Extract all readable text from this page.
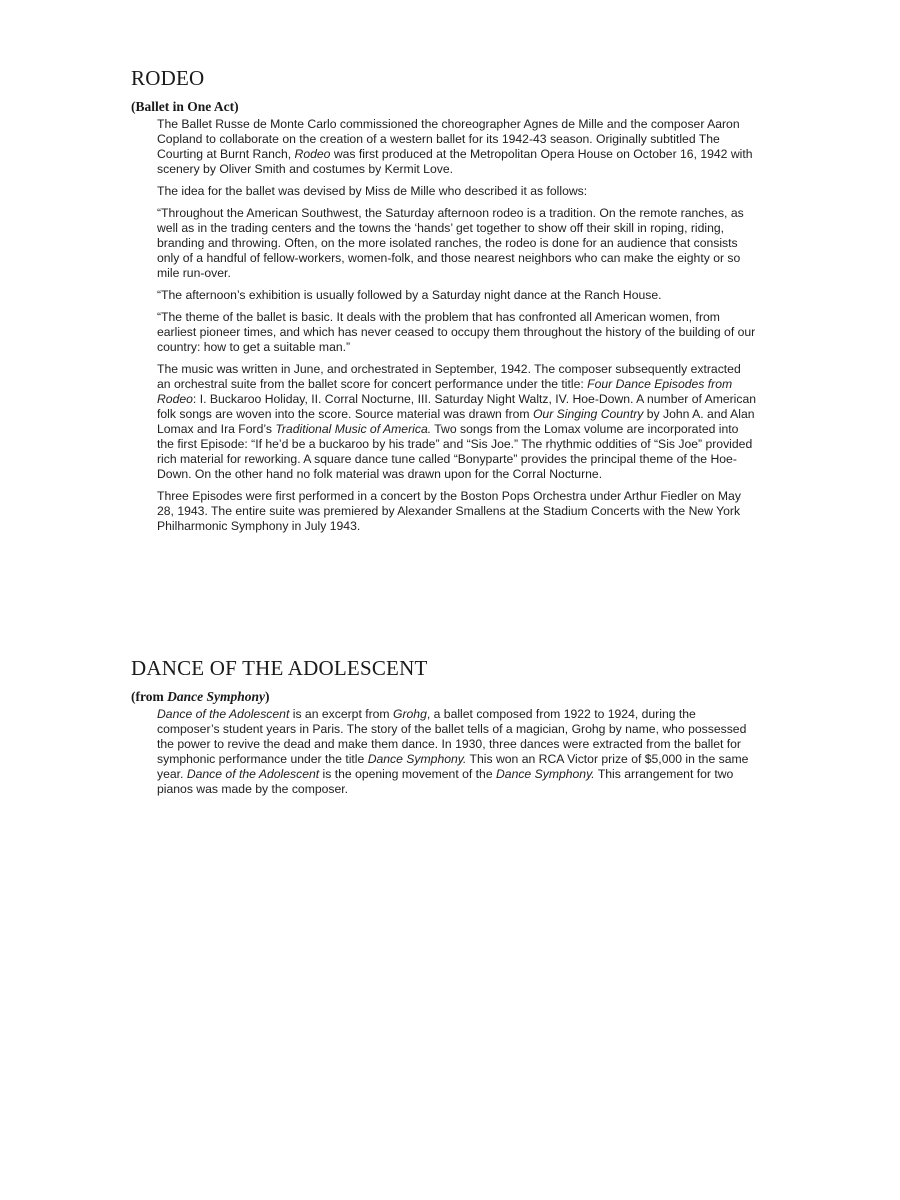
RODEO
(Ballet in One Act)

The Ballet Russe de Monte Carlo commissioned the choreographer Agnes de Mille and the composer Aaron Copland to collaborate on the creation of a western ballet for its 1942-43 season. Originally subtitled The Courting at Burnt Ranch, Rodeo was first produced at the Metropolitan Opera House on October 16, 1942 with scenery by Oliver Smith and costumes by Kermit Love.

The idea for the ballet was devised by Miss de Mille who described it as follows:

“Throughout the American Southwest, the Saturday afternoon rodeo is a tradition. On the remote ranches, as well as in the trading centers and the towns the ‘hands’ get together to show off their skill in roping, riding, branding and throwing. Often, on the more isolated ranches, the rodeo is done for an audience that consists only of a handful of fellow-workers, women-folk, and those nearest neighbors who can make the eighty or so mile run-over.

“The afternoon’s exhibition is usually followed by a Saturday night dance at the Ranch House.

“The theme of the ballet is basic. It deals with the problem that has confronted all American women, from earliest pioneer times, and which has never ceased to occupy them throughout the history of the building of our country: how to get a suitable man.”

The music was written in June, and orchestrated in September, 1942. The composer subsequently extracted an orchestral suite from the ballet score for concert performance under the title: Four Dance Episodes from Rodeo: I. Buckaroo Holiday, II. Corral Nocturne, III. Saturday Night Waltz, IV. Hoe-Down. A number of American folk songs are woven into the score. Source material was drawn from Our Singing Country by John A. and Alan Lomax and Ira Ford’s Traditional Music of America. Two songs from the Lomax volume are incorporated into the first Episode: “If he’d be a buckaroo by his trade” and “Sis Joe.” The rhythmic oddities of “Sis Joe” provided rich material for reworking. A square dance tune called “Bonyparte” provides the principal theme of the Hoe-Down. On the other hand no folk material was drawn upon for the Corral Nocturne.

Three Episodes were first performed in a concert by the Boston Pops Orchestra under Arthur Fiedler on May 28, 1943. The entire suite was premiered by Alexander Smallens at the Stadium Concerts with the New York Philharmonic Symphony in July 1943.

DANCE OF THE ADOLESCENT
(from Dance Symphony)

Dance of the Adolescent is an excerpt from Grohg, a ballet composed from 1922 to 1924, during the composer’s student years in Paris. The story of the ballet tells of a magician, Grohg by name, who possessed the power to revive the dead and make them dance. In 1930, three dances were extracted from the ballet for symphonic performance under the title Dance Symphony. This won an RCA Victor prize of $5,000 in the same year. Dance of the Adolescent is the opening movement of the Dance Symphony. This arrangement for two pianos was made by the composer.
